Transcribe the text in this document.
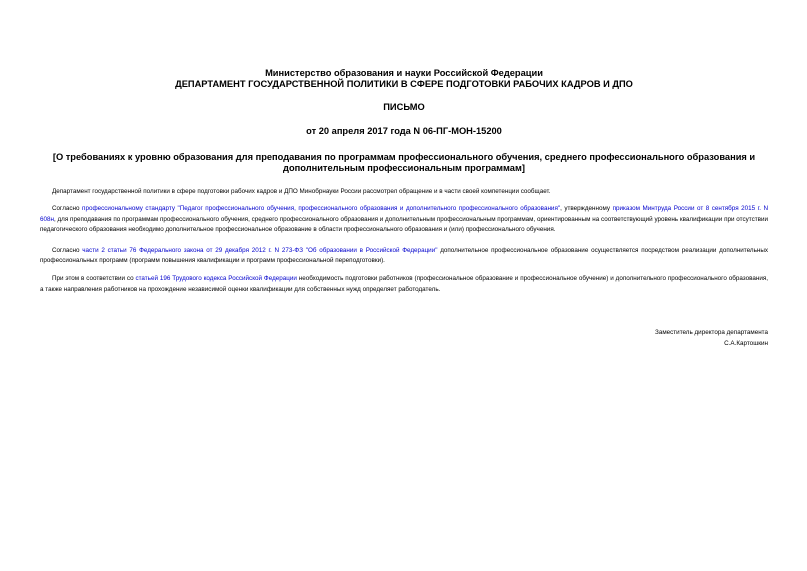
Министерство образования и науки Российской Федерации
ДЕПАРТАМЕНТ ГОСУДАРСТВЕННОЙ ПОЛИТИКИ В СФЕРЕ ПОДГОТОВКИ РАБОЧИХ КАДРОВ И ДПО
ПИСЬМО
от 20 апреля 2017 года N 06-ПГ-МОН-15200
[О требованиях к уровню образования для преподавания по программам профессионального обучения, среднего профессионального образования и
дополнительным профессиональным программам]

Департамент государственной политики в сфере подготовки рабочих кадров и ДПО Минобрнауки России рассмотрел обращение и в части своей компетенции сообщает.

Согласно профессиональному стандарту "Педагог профессионального обучения, профессионального образования и дополнительного профессионального образования", утвержденному приказом Минтруда России от 8 сентября 2015 г. N 608н, для преподавания по программам профессионального обучения, среднего профессионального образования и дополнительным профессиональным программам, ориентированным на соответствующий уровень квалификации при отсутствии педагогического образования необходимо дополнительное профессиональное образование в области профессионального образования и (или) профессионального обучения.

Согласно части 2 статьи 76 Федерального закона от 29 декабря 2012 г. N 273-ФЗ "Об образовании в Российской Федерации" дополнительное профессиональное образование осуществляется посредством реализации дополнительных профессиональных программ (программ повышения квалификации и программ профессиональной переподготовки).

При этом в соответствии со статьей 196 Трудового кодекса Российской Федерации необходимость подготовки работников (профессиональное образование и профессиональное обучение) и дополнительного профессионального образования, а также направления работников на прохождение независимой оценки квалификации для собственных нужд определяет работодатель.

Заместитель директора департамента
С.А.Картошкин
